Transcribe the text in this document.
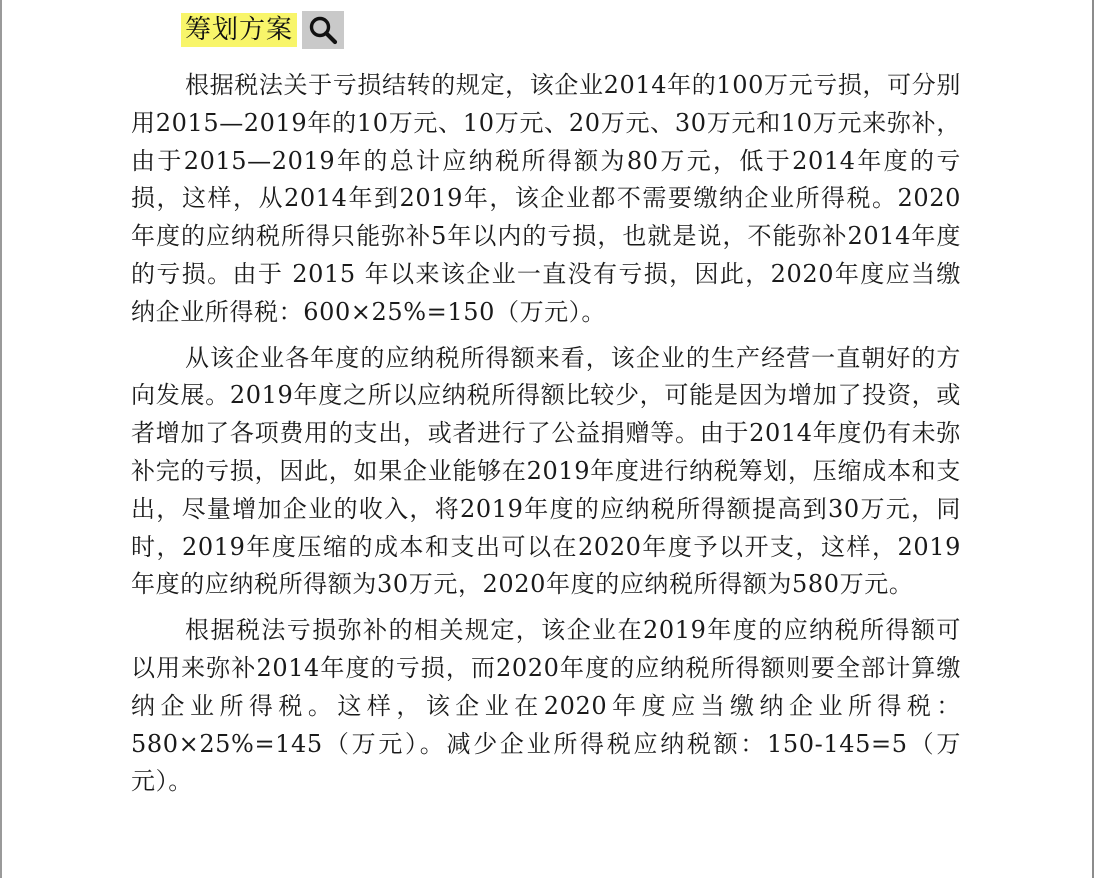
筹划方案

根据税法关于亏损结转的规定，该企业2014年的100万元亏损，可分别用2015—2019年的10万元、10万元、20万元、30万元和10万元来弥补，由于2015—2019年的总计应纳税所得额为80万元，低于2014年度的亏损，这样，从2014年到2019年，该企业都不需要缴纳企业所得税。2020年度的应纳税所得只能弥补5年以内的亏损，也就是说，不能弥补2014年度的亏损。由于 2015 年以来该企业一直没有亏损，因此，2020年度应当缴纳企业所得税：600×25%=150（万元）。

从该企业各年度的应纳税所得额来看，该企业的生产经营一直朝好的方向发展。2019年度之所以应纳税所得额比较少，可能是因为增加了投资，或者增加了各项费用的支出，或者进行了公益捐赠等。由于2014年度仍有未弥补完的亏损，因此，如果企业能够在2019年度进行纳税筹划，压缩成本和支出，尽量增加企业的收入，将2019年度的应纳税所得额提高到30万元，同时，2019年度压缩的成本和支出可以在2020年度予以开支，这样，2019年度的应纳税所得额为30万元，2020年度的应纳税所得额为580万元。

根据税法亏损弥补的相关规定，该企业在2019年度的应纳税所得额可以用来弥补2014年度的亏损，而2020年度的应纳税所得额则要全部计算缴纳企业所得税。这样，该企业在2020年度应当缴纳企业所得税：580×25%=145（万元）。减少企业所得税应纳税额：150-145=5（万元）。
